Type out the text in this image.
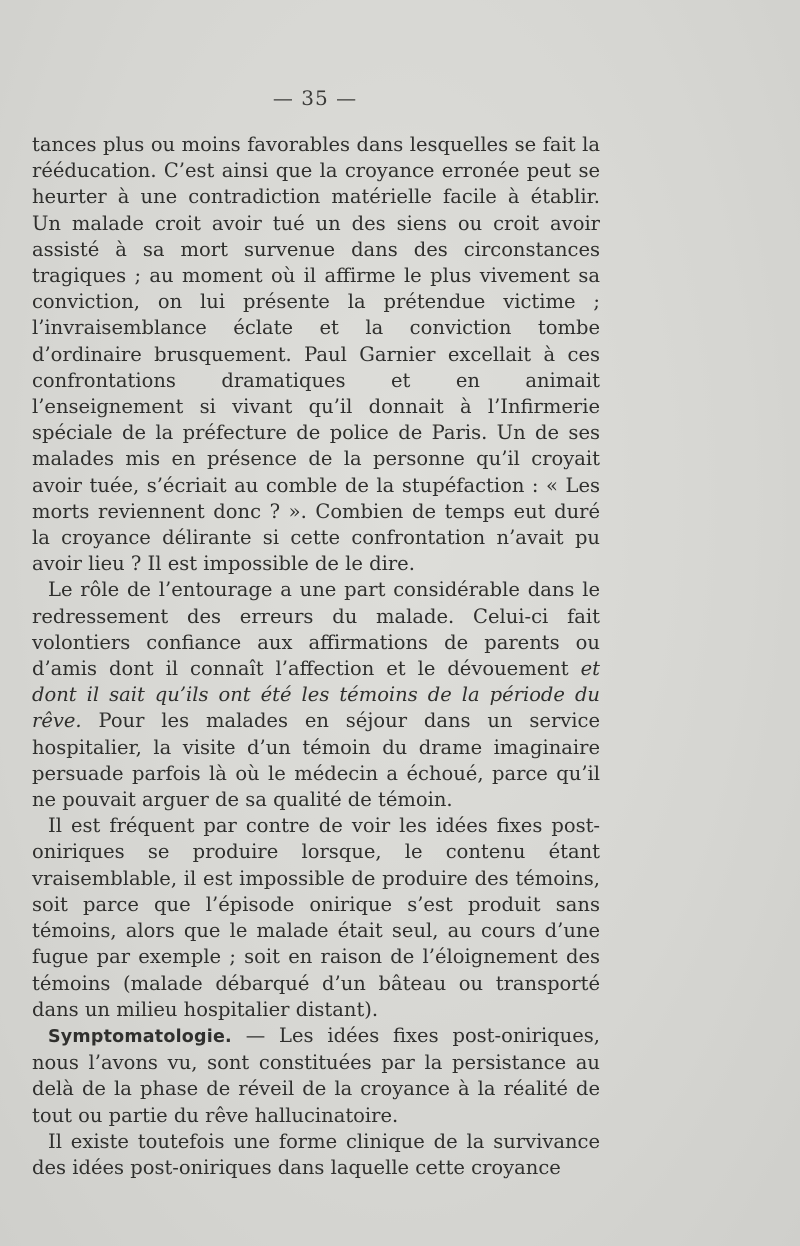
— 35 —

tances plus ou moins favorables dans lesquelles se fait la rééducation. C’est ainsi que la croyance erronée peut se heurter à une contradiction matérielle facile à établir. Un malade croit avoir tué un des siens ou croit avoir assisté à sa mort survenue dans des circonstances tragiques ; au moment où il affirme le plus vivement sa conviction, on lui présente la prétendue victime ; l’invraisemblance éclate et la conviction tombe d’ordinaire brusquement. Paul Garnier excellait à ces confrontations dramatiques et en animait l’enseignement si vivant qu’il donnait à l’Infirmerie spéciale de la préfecture de police de Paris. Un de ses malades mis en présence de la personne qu’il croyait avoir tuée, s’écriait au comble de la stupéfaction : « Les morts reviennent donc ? ». Combien de temps eut duré la croyance délirante si cette confrontation n’avait pu avoir lieu ? Il est impossible de le dire.

Le rôle de l’entourage a une part considérable dans le redressement des erreurs du malade. Celui-ci fait volontiers confiance aux affirmations de parents ou d’amis dont il connaît l’affection et le dévouement et dont il sait qu’ils ont été les témoins de la période du rêve. Pour les malades en séjour dans un service hospitalier, la visite d’un témoin du drame imaginaire persuade parfois là où le médecin a échoué, parce qu’il ne pouvait arguer de sa qualité de témoin.

Il est fréquent par contre de voir les idées fixes post-oniriques se produire lorsque, le contenu étant vraisemblable, il est impossible de produire des témoins, soit parce que l’épisode onirique s’est produit sans témoins, alors que le malade était seul, au cours d’une fugue par exemple ; soit en raison de l’éloignement des témoins (malade débarqué d’un bâteau ou transporté dans un milieu hospitalier distant).

Symptomatologie. — Les idées fixes post-oniriques, nous l’avons vu, sont constituées par la persistance au delà de la phase de réveil de la croyance à la réalité de tout ou partie du rêve hallucinatoire.

Il existe toutefois une forme clinique de la survivance des idées post-oniriques dans laquelle cette croyance
